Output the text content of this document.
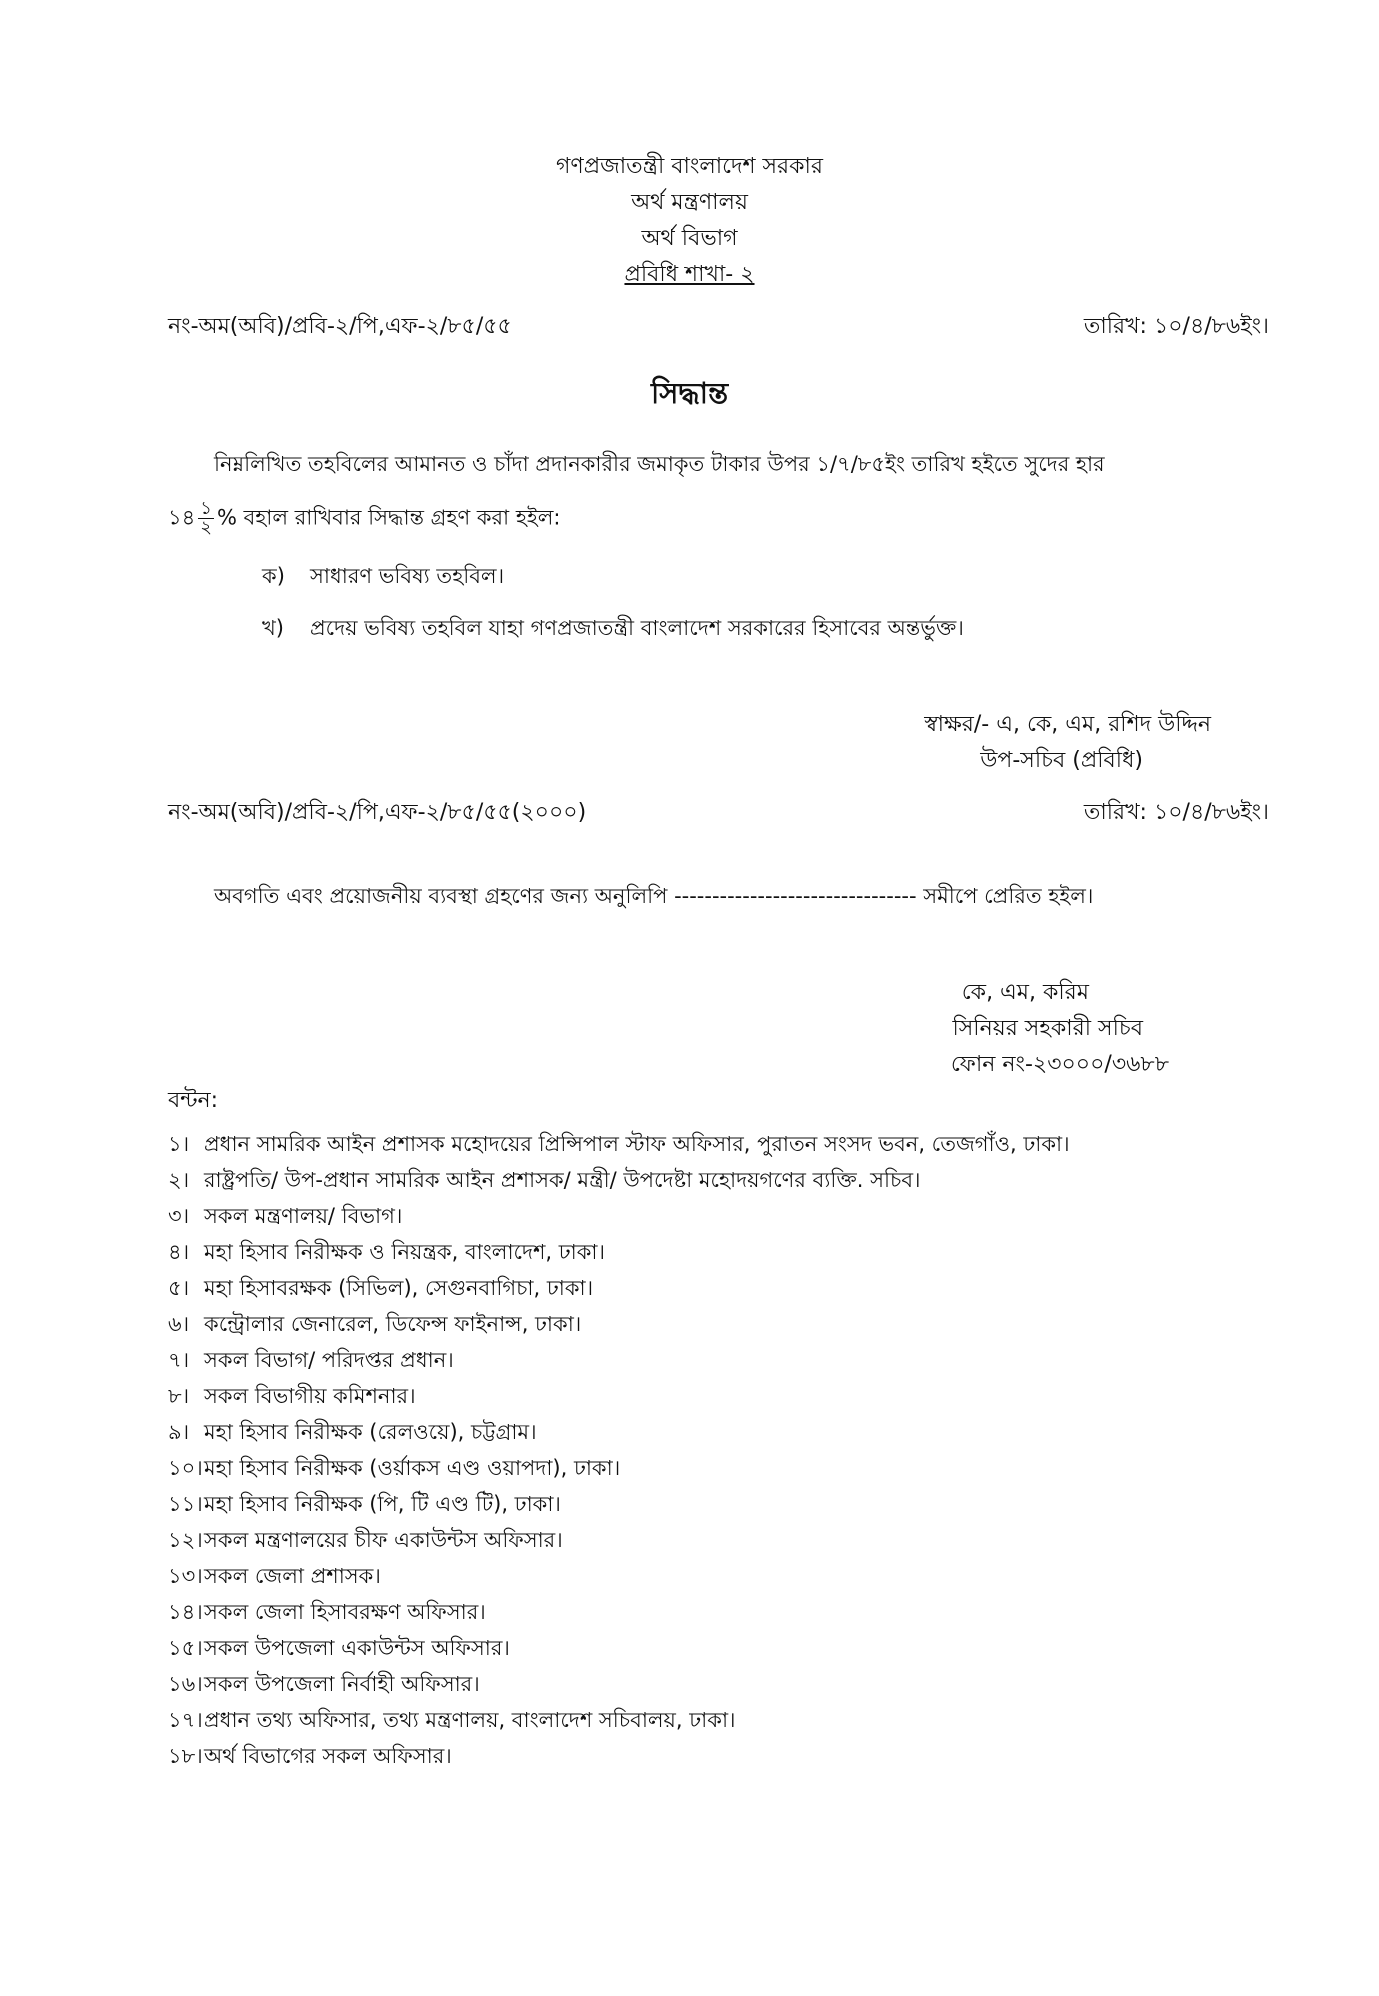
গণপ্রজাতন্ত্রী বাংলাদেশ সরকার
অর্থ মন্ত্রণালয়
অর্থ বিভাগ
প্রবিধি শাখা- ২
নং-অম(অবি)/প্রবি-২/পি,এফ-২/৮৫/৫৫	তারিখ: ১০/৪/৮৬ইং।
সিদ্ধান্ত
নিম্নলিখিত তহবিলের আমানত ও চাঁদা প্রদানকারীর জমাকৃত টাকার উপর ১/৭/৮৫ইং তারিখ হইতে সুদের হার
১৪ $\frac{১}{২}$ % বহাল রাখিবার সিদ্ধান্ত গ্রহণ করা হইল:
ক) সাধারণ ভবিষ্য তহবিল।
খ) প্রদেয় ভবিষ্য তহবিল যাহা গণপ্রজাতন্ত্রী বাংলাদেশ সরকারের হিসাবের অন্তর্ভুক্ত।
স্বাক্ষর/- এ, কে, এম, রশিদ উদ্দিন
উপ-সচিব (প্রবিধি)
নং-অম(অবি)/প্রবি-২/পি,এফ-২/৮৫/৫৫(২০০০)	তারিখ: ১০/৪/৮৬ইং।
অবগতি এবং প্রয়োজনীয় ব্যবস্থা গ্রহণের জন্য অনুলিপি -------------------------------- সমীপে প্রেরিত হইল।
কে, এম, করিম
সিনিয়র সহকারী সচিব
ফোন নং-২৩০০০/৩৬৮৮
বন্টন:
১। প্রধান সামরিক আইন প্রশাসক মহোদয়ের প্রিন্সিপাল স্টাফ অফিসার, পুরাতন সংসদ ভবন, তেজগাঁও, ঢাকা।
২। রাষ্ট্রপতি/ উপ-প্রধান সামরিক আইন প্রশাসক/ মন্ত্রী/ উপদেষ্টা মহোদয়গণের ব্যক্তি. সচিব।
৩। সকল মন্ত্রণালয়/ বিভাগ।
৪। মহা হিসাব নিরীক্ষক ও নিয়ন্ত্রক, বাংলাদেশ, ঢাকা।
৫। মহা হিসাবরক্ষক (সিভিল), সেগুনবাগিচা, ঢাকা।
৬। কন্ট্রোলার জেনারেল, ডিফেন্স ফাইনান্স, ঢাকা।
৭। সকল বিভাগ/ পরিদপ্তর প্রধান।
৮। সকল বিভাগীয় কমিশনার।
৯। মহা হিসাব নিরীক্ষক (রেলওয়ে), চট্টগ্রাম।
১০।মহা হিসাব নিরীক্ষক (ওর্য়াকস এণ্ড ওয়াপদা), ঢাকা।
১১।মহা হিসাব নিরীক্ষক (পি, টি এণ্ড টি), ঢাকা।
১২।সকল মন্ত্রণালয়ের চীফ একাউন্টস অফিসার।
১৩।সকল জেলা প্রশাসক।
১৪।সকল জেলা হিসাবরক্ষণ অফিসার।
১৫।সকল উপজেলা একাউন্টস অফিসার।
১৬।সকল উপজেলা নির্বাহী অফিসার।
১৭।প্রধান তথ্য অফিসার, তথ্য মন্ত্রণালয়, বাংলাদেশ সচিবালয়, ঢাকা।
১৮।অর্থ বিভাগের সকল অফিসার।
